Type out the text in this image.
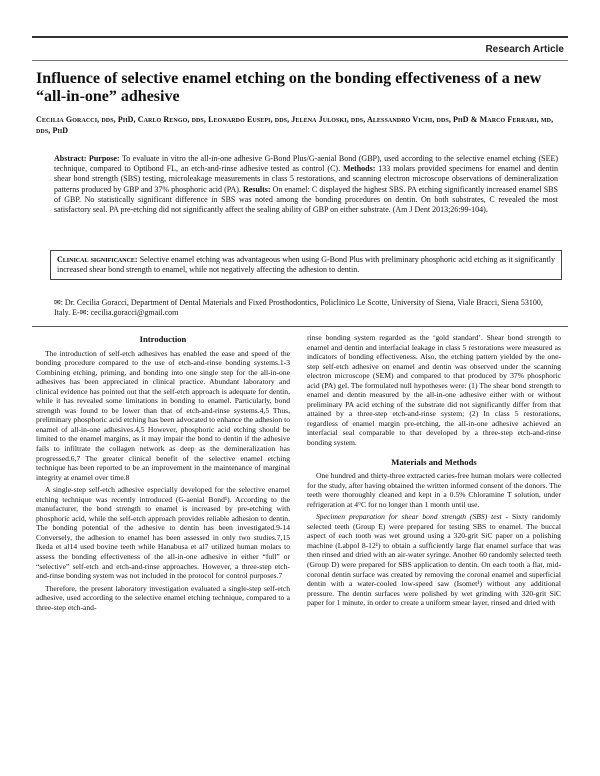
Research Article
Influence of selective enamel etching on the bonding effectiveness of a new “all-in-one” adhesive
Cecilia Goracci, dds, PhD, Carlo Rengo, dds, Leonardo Eusepi, dds, Jelena Juloski, dds, Alessandro Vichi, dds, PhD & Marco Ferrari, md, dds, PhD
Abstract: Purpose: To evaluate in vitro the all-in-one adhesive G-Bond Plus/G-aenial Bond (GBP), used according to the selective enamel etching (SEE) technique, compared to Optibond FL, an etch-and-rinse adhesive tested as control (C). Methods: 133 molars provided specimens for enamel and dentin shear bond strength (SBS) testing, microleakage measurements in class 5 restorations, and scanning electron microscope observations of demineralization patterns produced by GBP and 37% phosphoric acid (PA). Results: On enamel: C displayed the highest SBS. PA etching significantly increased enamel SBS of GBP. No statistically significant difference in SBS was noted among the bonding procedures on dentin. On both substrates, C revealed the most satisfactory seal. PA pre-etching did not significantly affect the sealing ability of GBP on either substrate. (Am J Dent 2013;26:99-104).
Clinical significance: Selective enamel etching was advantageous when using G-Bond Plus with preliminary phosphoric acid etching as it significantly increased shear bond strength to enamel, while not negatively affecting the adhesion to dentin.
✉: Dr. Cecilia Goracci, Department of Dental Materials and Fixed Prosthodontics, Policlinico Le Scotte, University of Siena, Viale Bracci, Siena 53100, Italy. E-✉: cecilia.goracci@gmail.com
Introduction

The introduction of self-etch adhesives has enabled the ease and speed of the bonding procedure compared to the use of etch-and-rinse bonding systems.1-3 Combining etching, priming, and bonding into one single step for the all-in-one adhesives has been appreciated in clinical practice. Abundant laboratory and clinical evidence has pointed out that the self-etch approach is adequate for dentin, while it has revealed some limitations in bonding to enamel. Particularly, bond strength was found to be lower than that of etch-and-rinse systems.4,5 Thus, preliminary phosphoric acid etching has been advocated to enhance the adhesion to enamel of all-in-one adhesives.4,5 However, phosphoric acid etching should be limited to the enamel margins, as it may impair the bond to dentin if the adhesive fails to infiltrate the collagen network as deep as the demineralization has progressed.6,7 The greater clinical benefit of the selective enamel etching technique has been reported to be an improvement in the maintenance of marginal integrity at enamel over time.8

A single-step self-etch adhesive especially developed for the selective enamel etching technique was recently introduced (G-aenial Bond¹). According to the manufacturer, the bond strength to enamel is increased by pre-etching with phosphoric acid, while the self-etch approach provides reliable adhesion to dentin. The bonding potential of the adhesive to dentin has been investigated.9-14 Conversely, the adhesion to enamel has been assessed in only two studies.7,15 Ikeda et al14 used bovine teeth while Hanabusa et al7 utilized human molars to assess the bonding effectiveness of the all-in-one adhesive in either “full” or “selective” self-etch and etch-and-rinse approaches. However, a three-step etch-and-rinse bonding system was not included in the protocol for control purposes.7

Therefore, the present laboratory investigation evaluated a single-step self-etch adhesive, used according to the selective enamel etching technique, compared to a three-step etch-and-

rinse bonding system regarded as the ‘gold standard’. Shear bond strength to enamel and dentin and interfacial leakage in class 5 restorations were measured as indicators of bonding effectiveness. Also, the etching pattern yielded by the one-step self-etch adhesive on enamel and dentin was observed under the scanning electron microscope (SEM) and compared to that produced by 37% phosphoric acid (PA) gel. The formulated null hypotheses were: (1) The shear bond strength to enamel and dentin measured by the all-in-one adhesive either with or without preliminary PA acid etching of the substrate did not significantly differ from that attained by a three-step etch-and-rinse system; (2) In class 5 restorations, regardless of enamel margin pre-etching, the all-in-one adhesive achieved an interfacial seal comparable to that developed by a three-step etch-and-rinse bonding system.

Materials and Methods

One hundred and thirty-three extracted caries-free human molars were collected for the study, after having obtained the written informed consent of the donors. The teeth were thoroughly cleaned and kept in a 0.5% Chloramine T solution, under refrigeration at 4°C for no longer than 1 month until use.

Specimen preparation for shear bond strength (SBS) test - Sixty randomly selected teeth (Group E) were prepared for testing SBS to enamel. The buccal aspect of each tooth was wet ground using a 320-grit SiC paper on a polishing machine (Labpol 8-12¹) to obtain a sufficiently large flat enamel surface that was then rinsed and dried with an air-water syringe. Another 60 randomly selected teeth (Group D) were prepared for SBS application to dentin. On each tooth a flat, mid-coronal dentin surface was created by removing the coronal enamel and superficial dentin with a water-cooled low-speed saw (Isomet¹) without any additional pressure. The dentin surfaces were polished by wet grinding with 320-grit SiC paper for 1 minute, in order to create a uniform smear layer, rinsed and dried with
